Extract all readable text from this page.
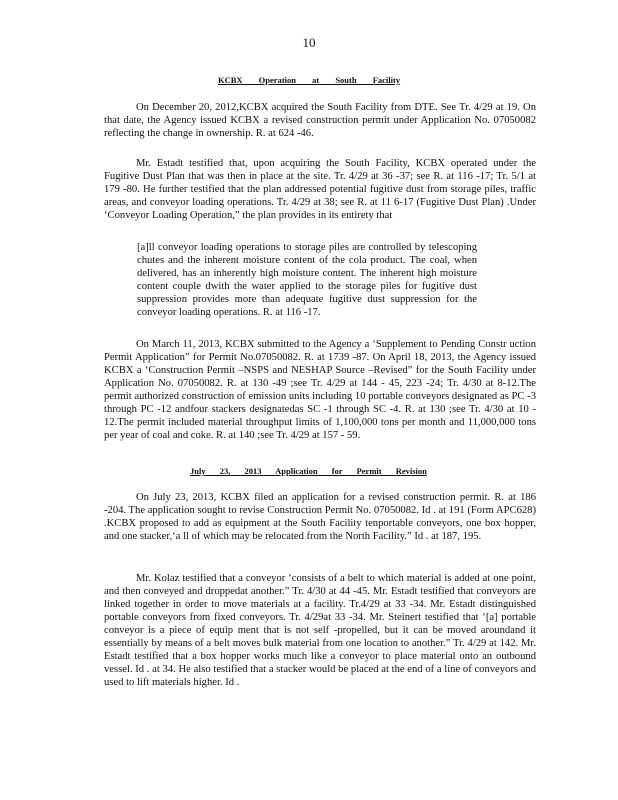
10
KCBX Operation at South Facility

On December 20, 2012,KCBX acquired the South Facility from DTE. See Tr. 4/29 at 19. On that date, the Agency issued KCBX a revised construction permit under Application No. 07050082 reflecting the change in ownership. R. at 624 -46.

Mr. Estadt testified that, upon acquiring the South Facility, KCBX operated under the Fugitive Dust Plan that was then in place at the site. Tr. 4/29 at 36 -37; see R. at 116 -17; Tr. 5/1 at 179 -80. He further testified that the plan addressed potential fugitive dust from storage piles, traffic areas, and conveyor loading operations. Tr. 4/29 at 38; see R. at 11 6-17 (Fugitive Dust Plan) .Under ‘Conveyor Loading Operation,” the plan provides in its entirety that

[a]ll conveyor loading operations to storage piles are controlled by telescoping chutes and the inherent moisture content of the cola product. The coal, when delivered, has an inherently high moisture content. The inherent high moisture content couple dwith the water applied to the storage piles for fugitive dust suppression provides more than adequate fugitive dust suppression for the conveyor loading operations. R. at 116 -17.

On March 11, 2013, KCBX submitted to the Agency a ‘Supplement to Pending Constr uction Permit Application” for Permit No.07050082. R. at 1739 -87. On April 18, 2013, the Agency issued KCBX a ‘Construction Permit –NSPS and NESHAP Source –Revised” for the South Facility under Application No. 07050082. R. at 130 -49 ;see Tr. 4/29 at 144 - 45, 223 -24; Tr. 4/30 at 8-12.The permit authorized construction of emission units including 10 portable conveyors designated as PC -3 through PC -12 andfour stackers designatedas SC -1 through SC -4. R. at 130 ;see Tr. 4/30 at 10 - 12.The permit included material throughput limits of 1,100,000 tons per month and 11,000,000 tons per year of coal and coke. R. at 140 ;see Tr. 4/29 at 157 - 59.

July 23, 2013 Application for Permit Revision

On July 23, 2013, KCBX filed an application for a revised construction permit. R. at 186 -204. The application sought to revise Construction Permit No. 07050082. Id . at 191 (Form APC628) .KCBX proposed to add as equipment at the South Facility tenportable conveyors, one box hopper, and one stacker,‘a ll of which may be relocated from the North Facility.” Id . at 187, 195.

Mr. Kolaz testified that a conveyor ‘consists of a belt to which material is added at one point, and then conveyed and droppedat another.” Tr. 4/30 at 44 -45. Mr. Estadt testified that conveyors are linked together in order to move materials at a facility. Tr.4/29 at 33 -34. Mr. Estadt distinguished portable conveyors from fixed conveyors. Tr. 4/29at 33 -34. Mr. Steinert testified that ‘[a] portable conveyor is a piece of equip ment that is not self -propelled, but it can be moved aroundand it essentially by means of a belt moves bulk material from one location to another.” Tr. 4/29 at 142. Mr. Estadt testified that a box hopper works much like a conveyor to place material onto an outbound vessel. Id . at 34. He also testified that a stacker would be placed at the end of a line of conveyors and used to lift materials higher. Id .
